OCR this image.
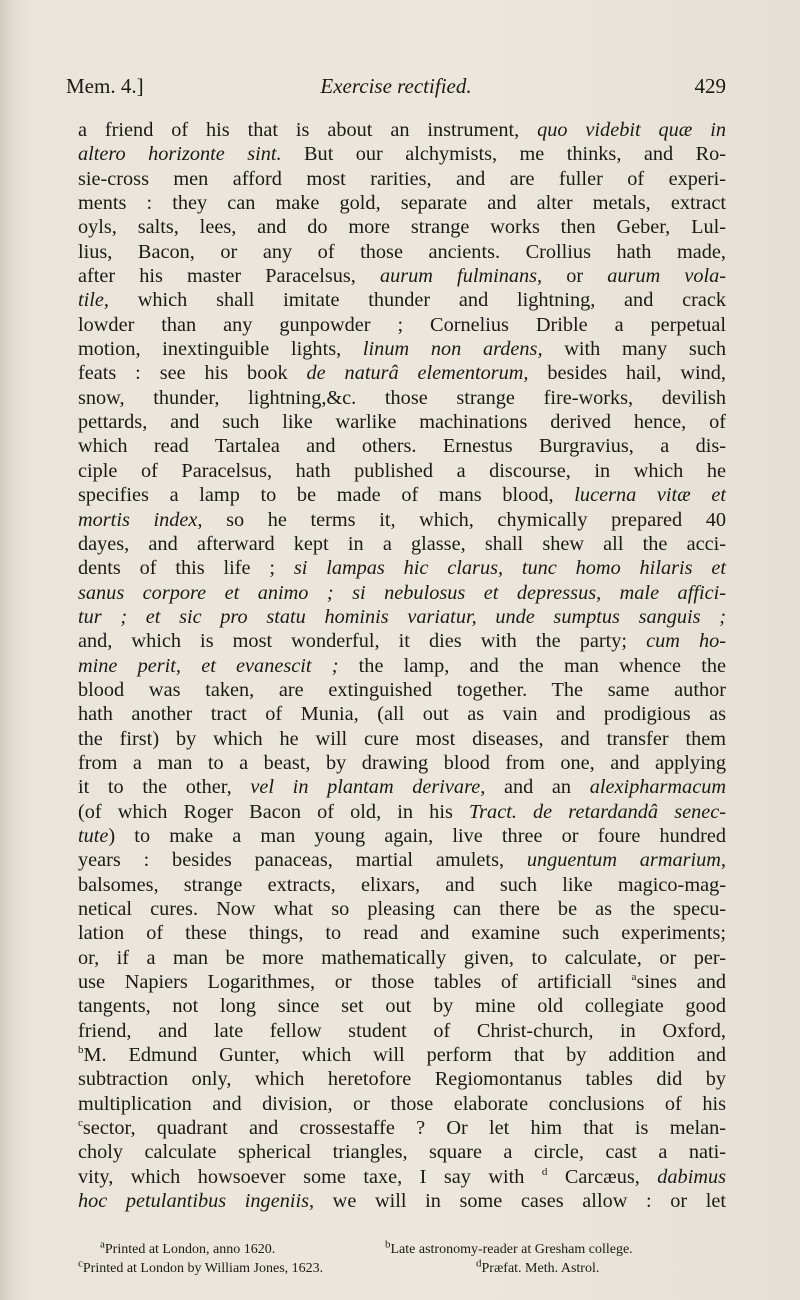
Mem. 4.]	Exercise rectified.	429
a friend of his that is about an instrument, quo videbit quæ in
altero horizonte sint. But our alchymists, me thinks, and Ro-
sie-cross men afford most rarities, and are fuller of experi-
ments : they can make gold, separate and alter metals, extract
oyls, salts, lees, and do more strange works then Geber, Lul-
lius, Bacon, or any of those ancients. Crollius hath made,
after his master Paracelsus, aurum fulminans, or aurum vola-
tile, which shall imitate thunder and lightning, and crack
lowder than any gunpowder ; Cornelius Drible a perpetual
motion, inextinguible lights, linum non ardens, with many such
feats : see his book de naturâ elementorum, besides hail, wind,
snow, thunder, lightning,&c. those strange fire-works, devilish
pettards, and such like warlike machinations derived hence, of
which read Tartalea and others. Ernestus Burgravius, a dis-
ciple of Paracelsus, hath published a discourse, in which he
specifies a lamp to be made of mans blood, lucerna vitæ et
mortis index, so he terms it, which, chymically prepared 40
dayes, and afterward kept in a glasse, shall shew all the acci-
dents of this life ; si lampas hic clarus, tunc homo hilaris et
sanus corpore et animo ; si nebulosus et depressus, male affici-
tur ; et sic pro statu hominis variatur, unde sumptus sanguis ;
and, which is most wonderful, it dies with the party; cum ho-
mine perit, et evanescit ; the lamp, and the man whence the
blood was taken, are extinguished together. The same author
hath another tract of Munia, (all out as vain and prodigious as
the first) by which he will cure most diseases, and transfer them
from a man to a beast, by drawing blood from one, and applying
it to the other, vel in plantam derivare, and an alexipharmacum
(of which Roger Bacon of old, in his Tract. de retardandâ senec-
tute) to make a man young again, live three or foure hundred
years : besides panaceas, martial amulets, unguentum armarium,
balsomes, strange extracts, elixars, and such like magico-mag-
netical cures. Now what so pleasing can there be as the specu-
lation of these things, to read and examine such experiments;
or, if a man be more mathematically given, to calculate, or per-
use Napiers Logarithmes, or those tables of artificiall $^a$sines and
tangents, not long since set out by mine old collegiate good
friend, and late fellow student of Christ-church, in Oxford,
$^b$M. Edmund Gunter, which will perform that by addition and
subtraction only, which heretofore Regiomontanus tables did by
multiplication and division, or those elaborate conclusions of his
$^c$sector, quadrant and crossestaffe ? Or let him that is melan-
choly calculate spherical triangles, square a circle, cast a nati-
vity, which howsoever some taxe, I say with $^d$ Carcæus, dabimus
hoc petulantibus ingeniis, we will in some cases allow : or let
$^a$Printed at London, anno 1620.	$^b$Late astronomy-reader at Gresham college.
$^c$Printed at London by William Jones, 1623.	$^d$Præfat. Meth. Astrol.
